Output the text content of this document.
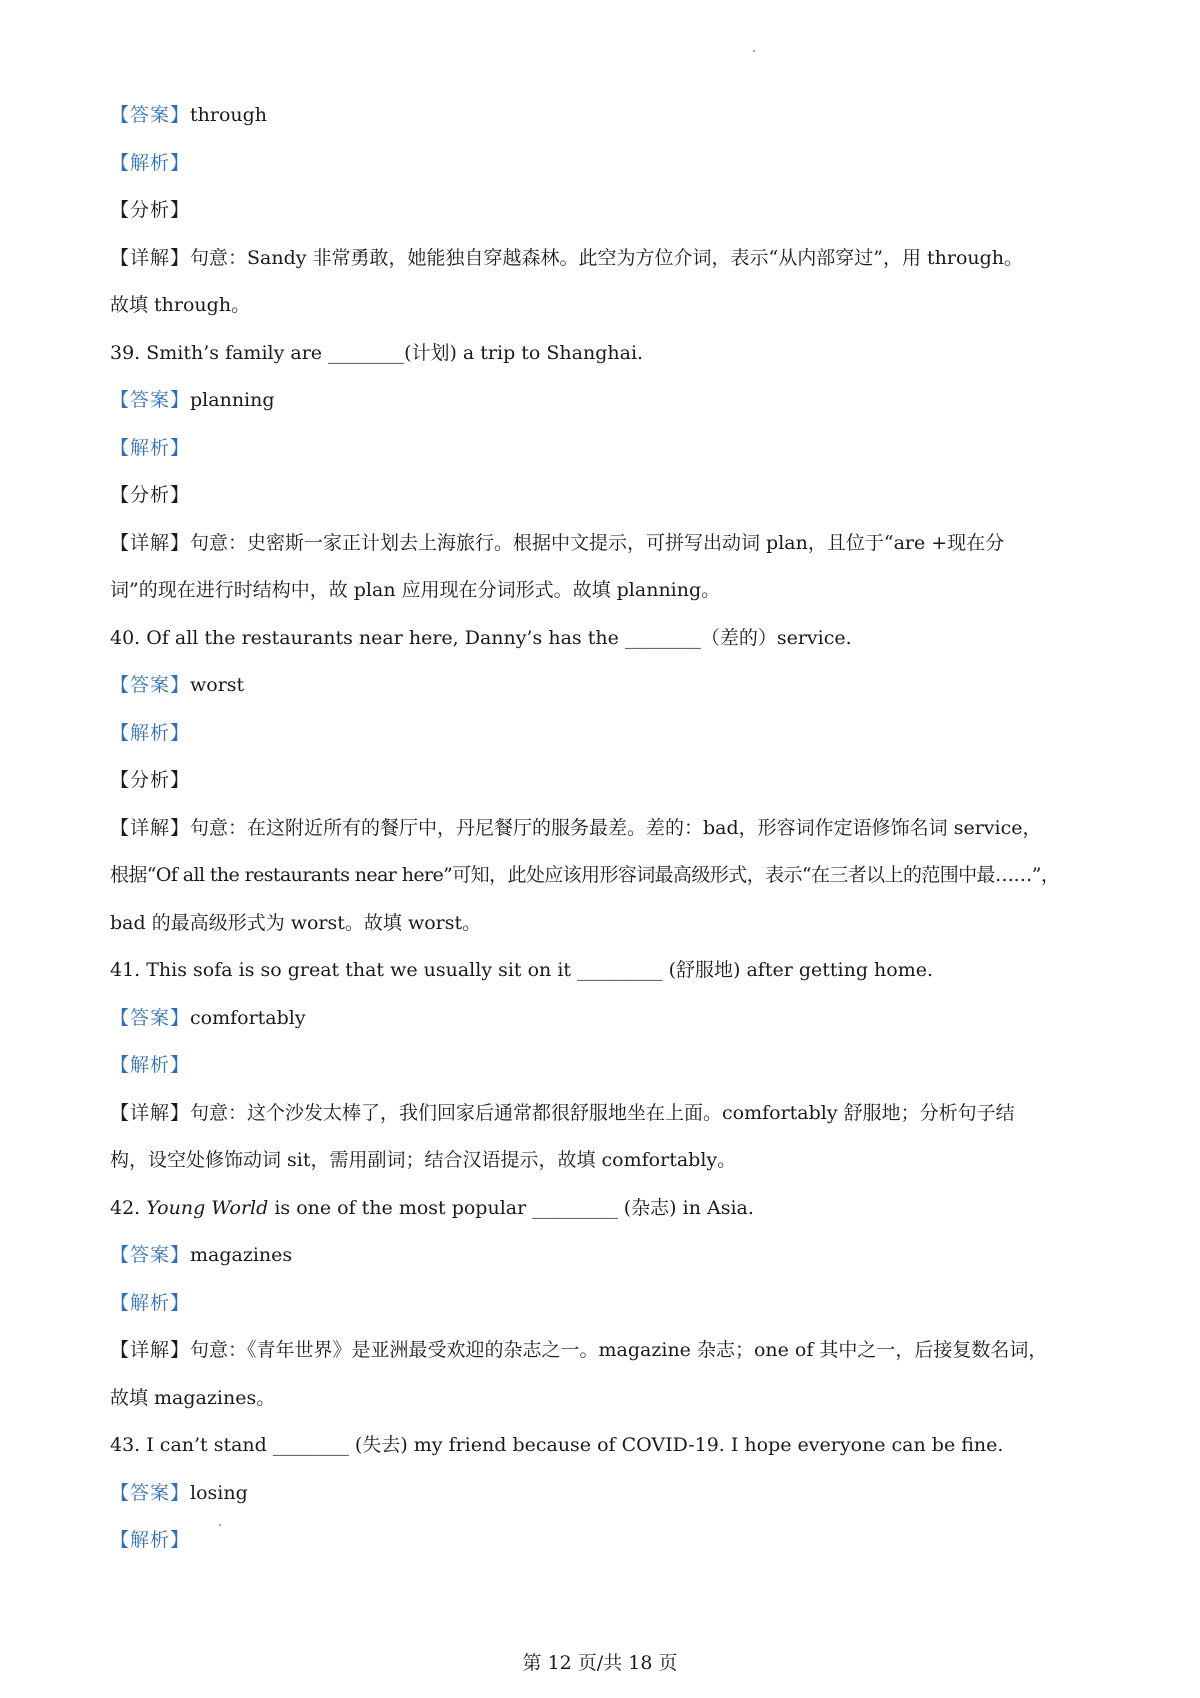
【答案】through
【解析】
【分析】
【详解】句意：Sandy 非常勇敢，她能独自穿越森林。此空为方位介词，表示“从内部穿过”，用 through。
故填 through。
39. Smith’s family are ________(计划) a trip to Shanghai.
【答案】planning
【解析】
【分析】
【详解】句意：史密斯一家正计划去上海旅行。根据中文提示，可拼写出动词 plan，且位于“are +现在分
词”的现在进行时结构中，故 plan 应用现在分词形式。故填 planning。
40. Of all the restaurants near here, Danny’s has the ________（差的）service.
【答案】worst
【解析】
【分析】
【详解】句意：在这附近所有的餐厅中，丹尼餐厅的服务最差。差的：bad，形容词作定语修饰名词 service，
根据“Of all the restaurants near here”可知，此处应该用形容词最高级形式，表示“在三者以上的范围中最……”，
bad 的最高级形式为 worst。故填 worst。
41. This sofa is so great that we usually sit on it _________ (舒服地) after getting home.
【答案】comfortably
【解析】
【详解】句意：这个沙发太棒了，我们回家后通常都很舒服地坐在上面。comfortably 舒服地；分析句子结
构，设空处修饰动词 sit，需用副词；结合汉语提示，故填 comfortably。
42. Young World is one of the most popular _________ (杂志) in Asia.
【答案】magazines
【解析】
【详解】句意：《青年世界》是亚洲最受欢迎的杂志之一。magazine 杂志；one of 其中之一，后接复数名词，
故填 magazines。
43. I can’t stand ________ (失去) my friend because of COVID-19. I hope everyone can be fine.
【答案】losing
【解析】
第 12 页/共 18 页
